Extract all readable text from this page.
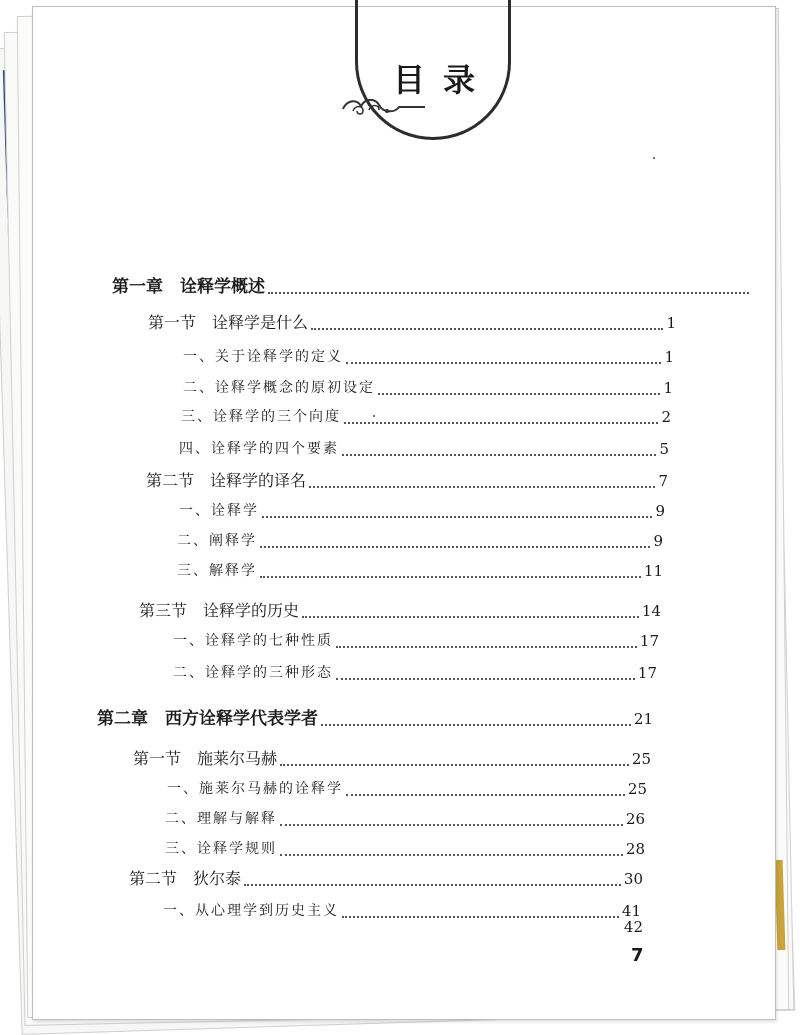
目录
第一章　诠释学概述
第一节　诠释学是什么	1
一、关于诠释学的定义	1
二、诠释学概念的原初设定	1
三、诠释学的三个向度	2
四、诠释学的四个要素	5
第二节　诠释学的译名	7
一、诠释学	9
二、阐释学	9
三、解释学	11
第三节　诠释学的历史	14
一、诠释学的七种性质	17
二、诠释学的三种形态	17
第二章　西方诠释学代表学者	21
第一节　施莱尔马赫	25
一、施莱尔马赫的诠释学	25
二、理解与解释	26
三、诠释学规则	28
第二节　狄尔泰	30
一、从心理学到历史主义	41
42
7
